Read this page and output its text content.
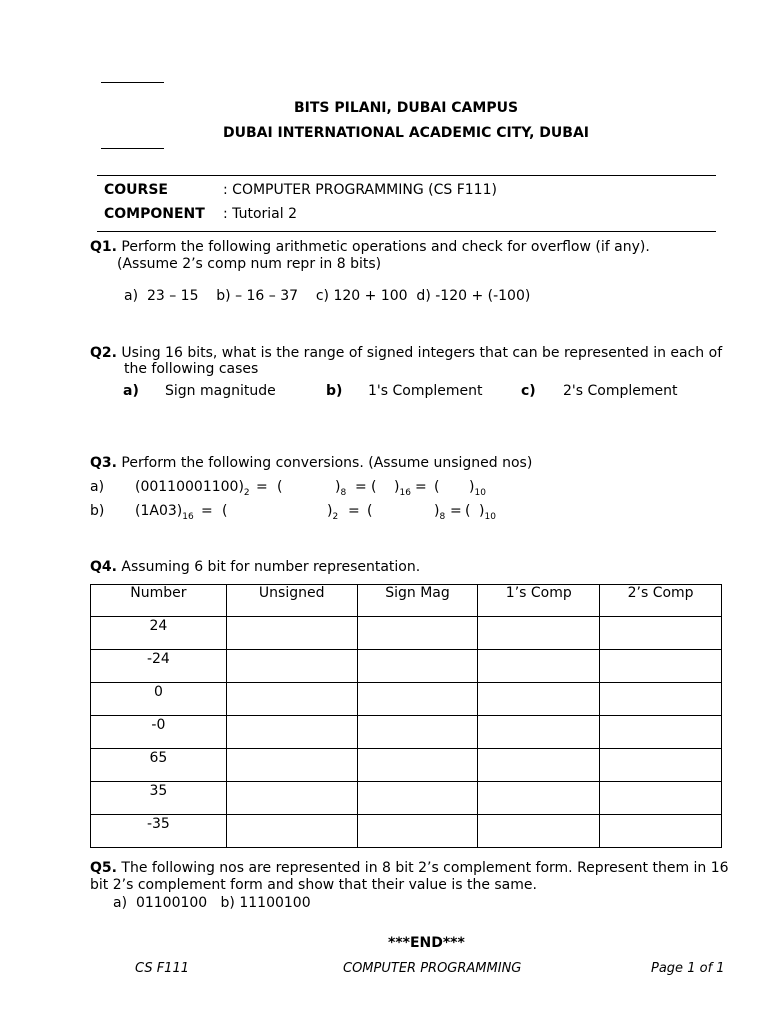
BITS PILANI, DUBAI CAMPUS
DUBAI INTERNATIONAL ACADEMIC CITY, DUBAI
COURSE	: COMPUTER PROGRAMMING (CS F111)
COMPONENT : Tutorial 2
Q1. Perform the following arithmetic operations and check for overflow (if any).
(Assume 2’s comp num repr in 8 bits)
a)  23 – 15    b) – 16 – 37    c) 120 + 100  d) -120 + (-100)
Q2. Using 16 bits, what is the range of signed integers that can be represented in each of
the following cases
a) Sign magnitude	b) 1's Complement	c) 2's Complement
Q3. Perform the following conversions. (Assume unsigned nos)
a) $(00110001100)_2$ = (	)$_8$ = ( )$_{16}$ = ( )$_{10}$
b) $(1A03)_{16}$ = (	)$_2$ = (	)$_8$ = ( )$_{10}$
Q4. Assuming 6 bit for number representation.
Number	Unsigned	Sign Mag	1’s Comp	2’s Comp
24				
-24				
0				
-0				
65				
35				
-35				
Q5. The following nos are represented in 8 bit 2’s complement form. Represent them in 16
bit 2’s complement form and show that their value is the same.
a)  01100100   b) 11100100
***END***
CS F111	COMPUTER PROGRAMMING	Page 1 of 1
